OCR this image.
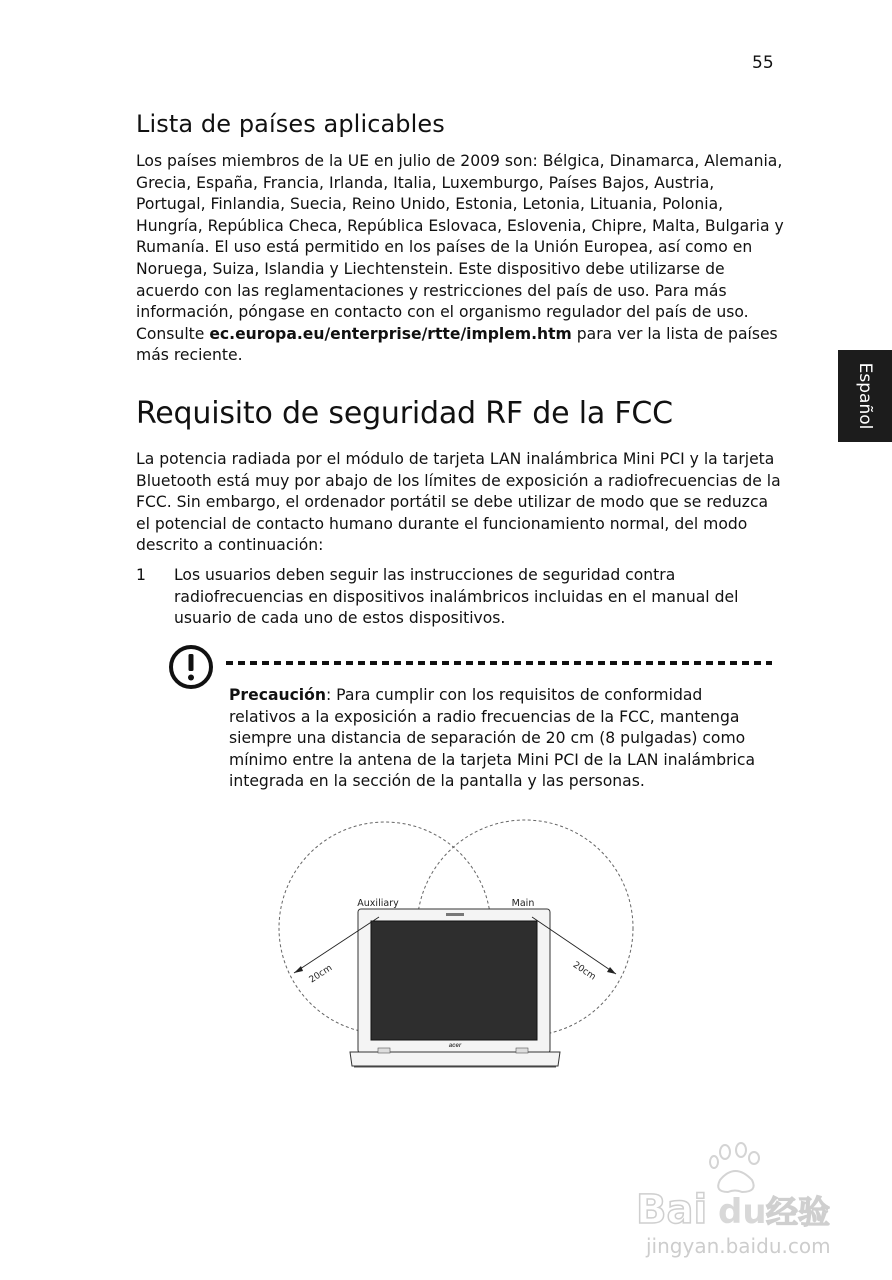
55
Español
Lista de países aplicables

Los países miembros de la UE en julio de 2009 son: Bélgica, Dinamarca, Alemania, Grecia, España, Francia, Irlanda, Italia, Luxemburgo, Países Bajos, Austria, Portugal, Finlandia, Suecia, Reino Unido, Estonia, Letonia, Lituania, Polonia, Hungría, República Checa, República Eslovaca, Eslovenia, Chipre, Malta, Bulgaria y Rumanía. El uso está permitido en los países de la Unión Europea, así como en Noruega, Suiza, Islandia y Liechtenstein. Este dispositivo debe utilizarse de acuerdo con las reglamentaciones y restricciones del país de uso. Para más información, póngase en contacto con el organismo regulador del país de uso. Consulte ec.europa.eu/enterprise/rtte/implem.htm para ver la lista de países más reciente.

Requisito de seguridad RF de la FCC

La potencia radiada por el módulo de tarjeta LAN inalámbrica Mini PCI y la tarjeta Bluetooth está muy por abajo de los límites de exposición a radiofrecuencias de la FCC. Sin embargo, el ordenador portátil se debe utilizar de modo que se reduzca el potencial de contacto humano durante el funcionamiento normal, del modo descrito a continuación:

1 Los usuarios deben seguir las instrucciones de seguridad contra radiofrecuencias en dispositivos inalámbricos incluidas en el manual del usuario de cada uno de estos dispositivos.
Precaución: Para cumplir con los requisitos de conformidad relativos a la exposición a radio frecuencias de la FCC, mantenga siempre una distancia de separación de 20 cm (8 pulgadas) como mínimo entre la antena de la tarjeta Mini PCI de la LAN inalámbrica integrada en la sección de la pantalla y las personas.
acer
Auxiliary	Main
20cm	20cm
Bai du 经验
jingyan.baidu.com
